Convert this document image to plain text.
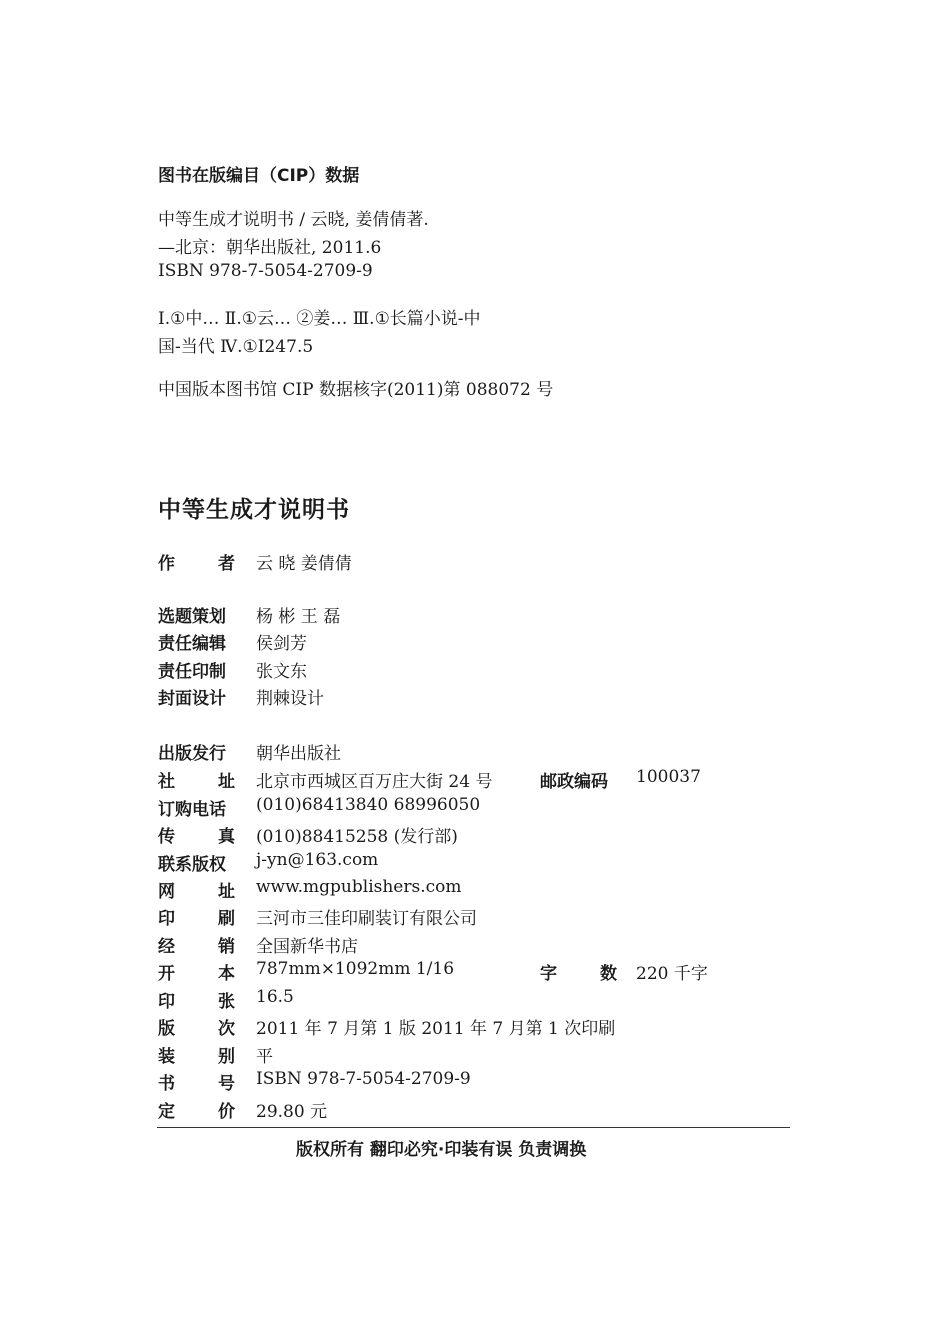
图书在版编目（CIP）数据
中等生成才说明书 / 云晓, 姜倩倩著.
—北京：朝华出版社, 2011.6
ISBN 978-7-5054-2709-9
Ⅰ.①中… Ⅱ.①云… ②姜… Ⅲ.①长篇小说-中
国-当代 Ⅳ.①I247.5
中国版本图书馆 CIP 数据核字(2011)第 088072 号
中等生成才说明书
作	者 云 晓 姜倩倩
选题策划	杨 彬 王 磊
责任编辑	侯剑芳
责任印制	张文东
封面设计	荆棘设计
出版发行	朝华出版社
社	址 北京市西城区百万庄大街 24 号	邮政编码	100037
订购电话	(010)68413840 68996050
传	真 (010)88415258 (发行部)
联系版权	j-yn@163.com
网	址 www.mgpublishers.com
印	刷 三河市三佳印刷装订有限公司
经	销 全国新华书店
开	本 787mm×1092mm 1/16	字	数 220 千字
印	张 16.5
版	次 2011 年 7 月第 1 版 2011 年 7 月第 1 次印刷
装	别 平
书	号 ISBN 978-7-5054-2709-9
定	价 29.80 元
版权所有 翻印必究·印装有误 负责调换
